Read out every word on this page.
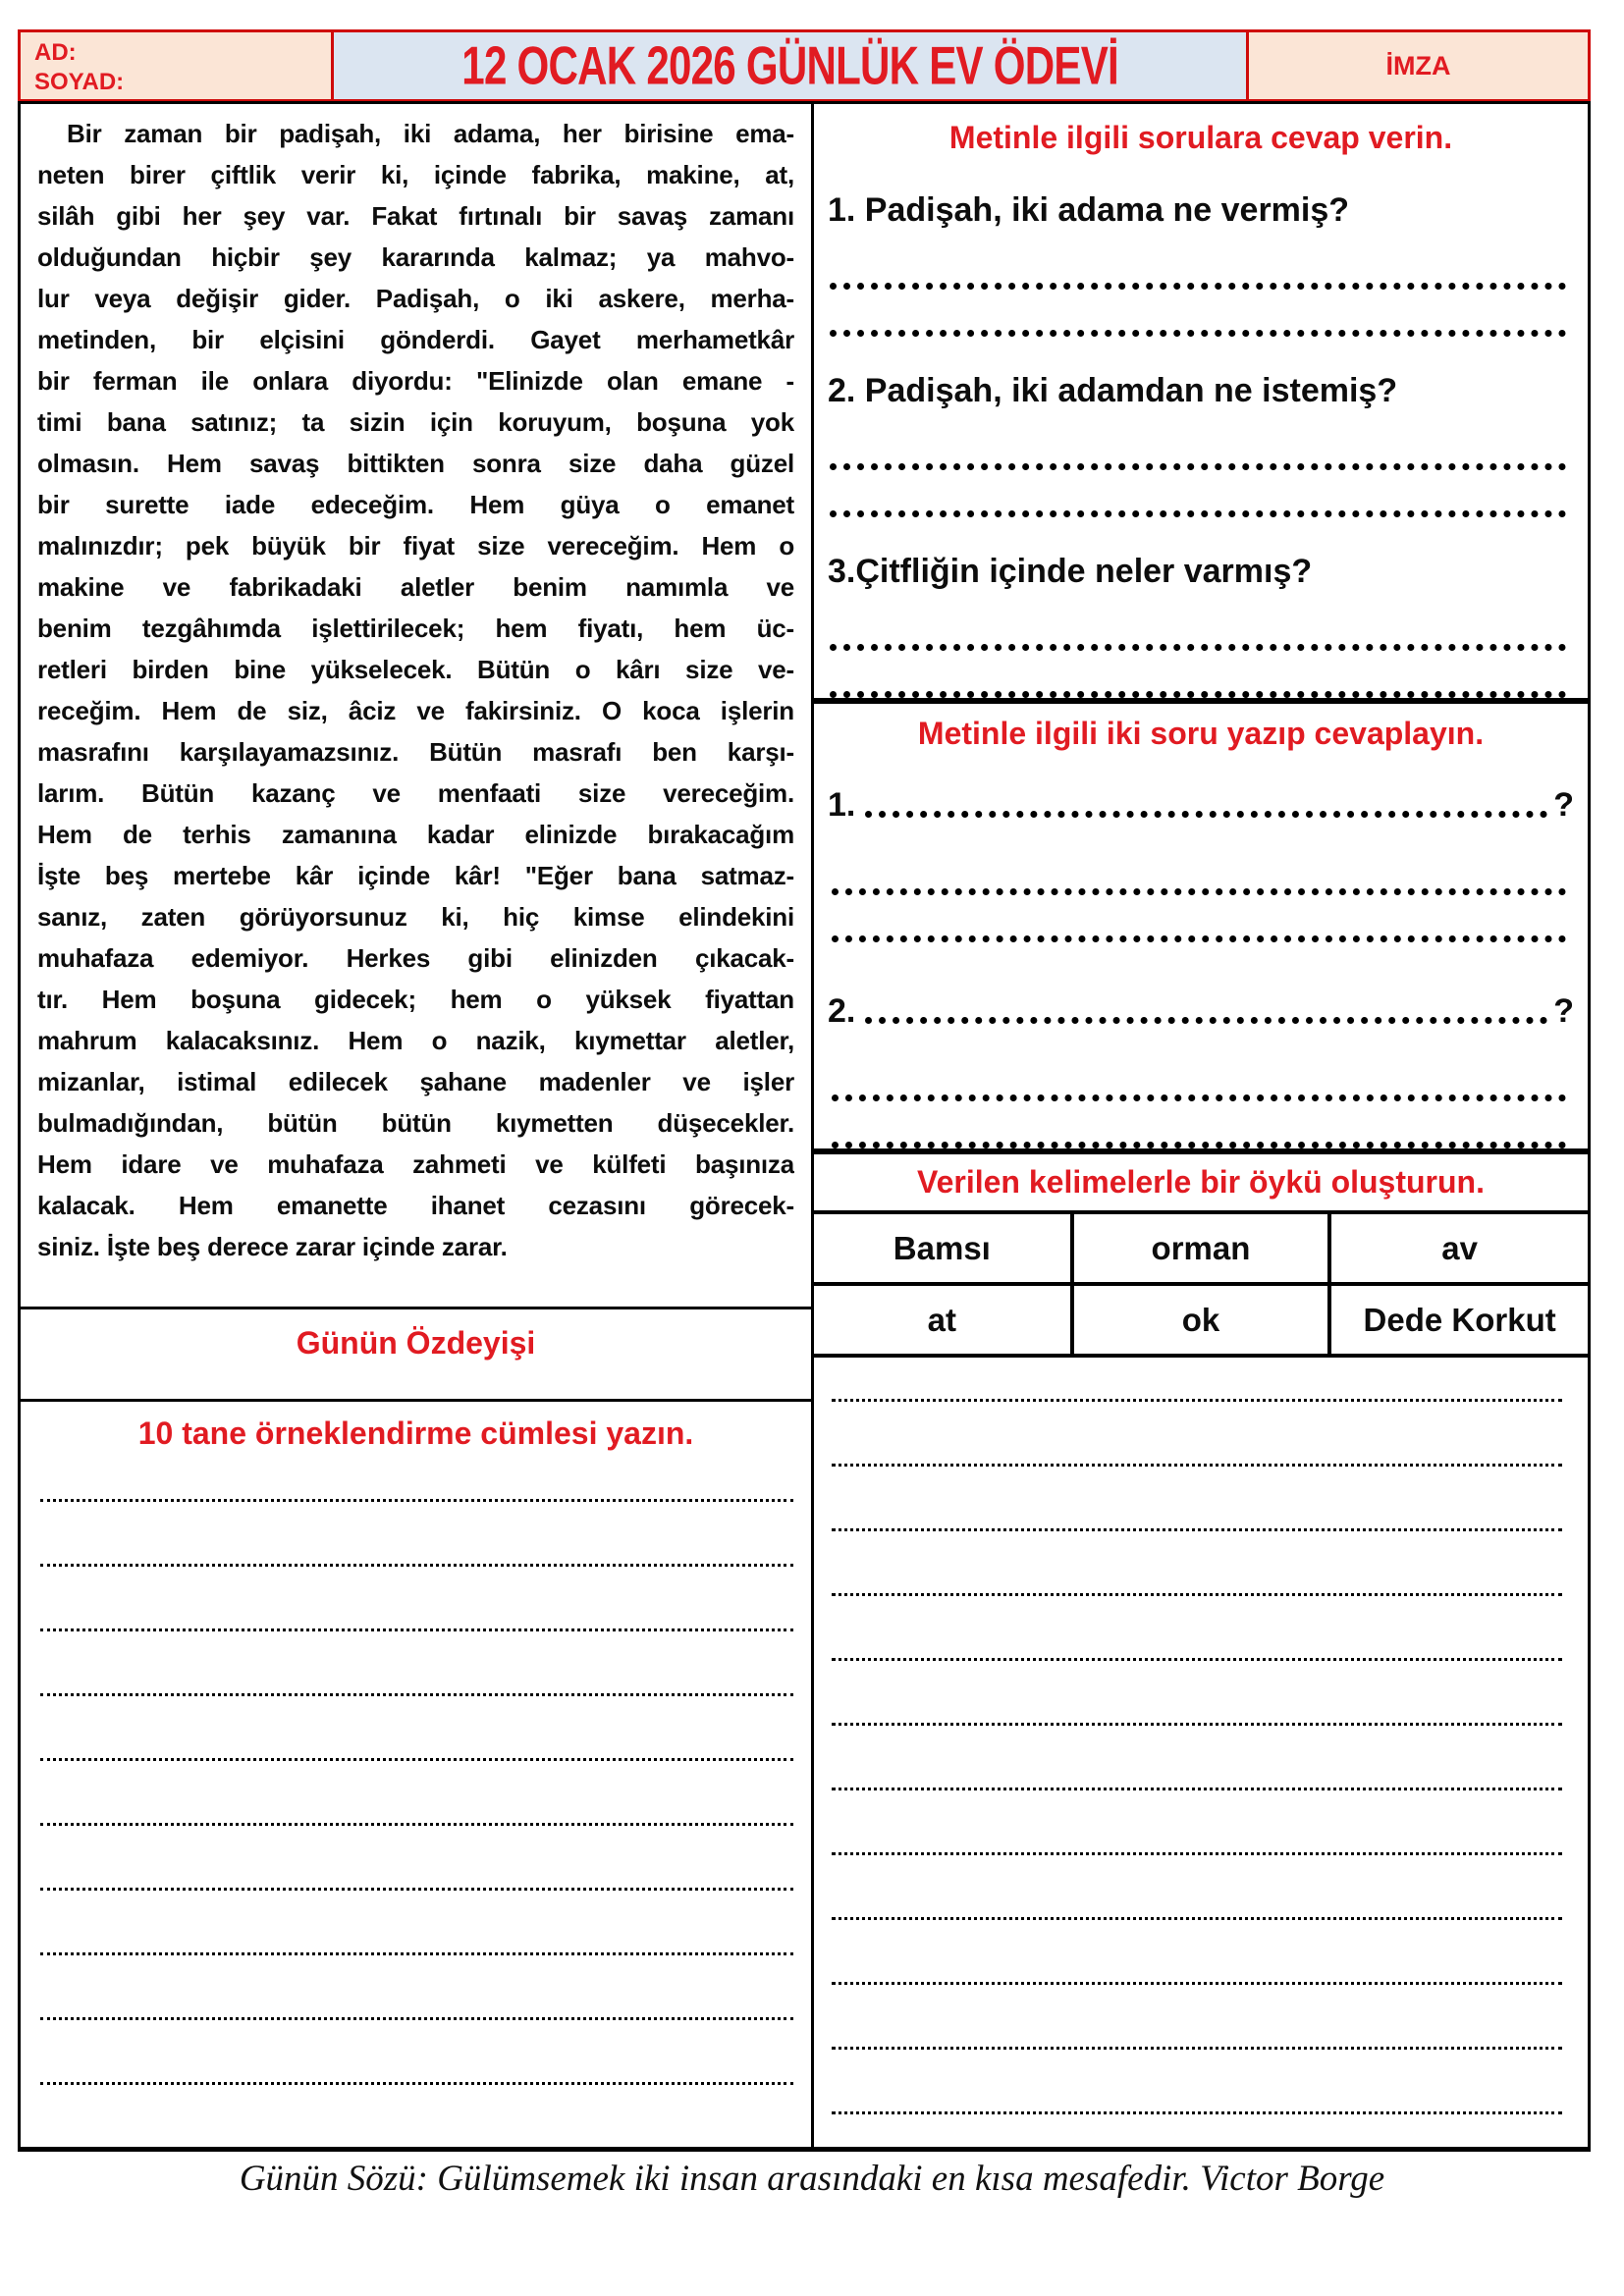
AD:
SOYAD:	12 OCAK 2026 GÜNLÜK EV ÖDEVİ	İMZA
Bir zaman bir padişah, iki adama, her birisine ema-
neten birer çiftlik verir ki, içinde fabrika, makine, at,
silâh gibi her şey var. Fakat fırtınalı bir savaş zamanı
olduğundan hiçbir şey kararında kalmaz; ya mahvo-
lur veya değişir gider. Padişah, o iki askere, merha-
metinden, bir elçisini gönderdi. Gayet merhametkâr
bir ferman ile onlara diyordu: "Elinizde olan emane -
timi bana satınız; ta sizin için koruyum, boşuna yok
olmasın. Hem savaş bittikten sonra size daha güzel
bir surette iade edeceğim. Hem güya o emanet
malınızdır; pek büyük bir fiyat size vereceğim. Hem o
makine ve fabrikadaki aletler benim namımla ve
benim tezgâhımda işlettirilecek; hem fiyatı, hem üc-
retleri birden bine yükselecek. Bütün o kârı size ve-
receğim. Hem de siz, âciz ve fakirsiniz. O koca işlerin
masrafını karşılayamazsınız. Bütün masrafı ben karşı-
larım. Bütün kazanç ve menfaati size vereceğim.
Hem de terhis zamanına kadar elinizde bırakacağım
İşte beş mertebe kâr içinde kâr! "Eğer bana satmaz-
sanız, zaten görüyorsunuz ki, hiç kimse elindekini
muhafaza edemiyor. Herkes gibi elinizden çıkacak-
tır. Hem boşuna gidecek; hem o yüksek fiyattan
mahrum kalacaksınız. Hem o nazik, kıymettar aletler,
mizanlar, istimal edilecek şahane madenler ve işler
bulmadığından, bütün bütün kıymetten düşecekler.
Hem idare ve muhafaza zahmeti ve külfeti başınıza
kalacak. Hem emanette ihanet cezasını görecek-
siniz. İşte beş derece zarar içinde zarar.
Günün Özdeyişi
10 tane örneklendirme cümlesi yazın.
Metinle ilgili sorulara cevap verin.
1. Padişah, iki adama ne vermiş?
2. Padişah, iki adamdan ne istemiş?
3.Çitfliğin içinde neler varmış?
Metinle ilgili iki soru yazıp cevaplayın.
1.	?
2.	?
Verilen kelimelerle bir öykü oluşturun.
Bamsı	orman	av
at	ok	Dede Korkut
Günün Sözü: Gülümsemek iki insan arasındaki en kısa mesafedir. Victor Borge
